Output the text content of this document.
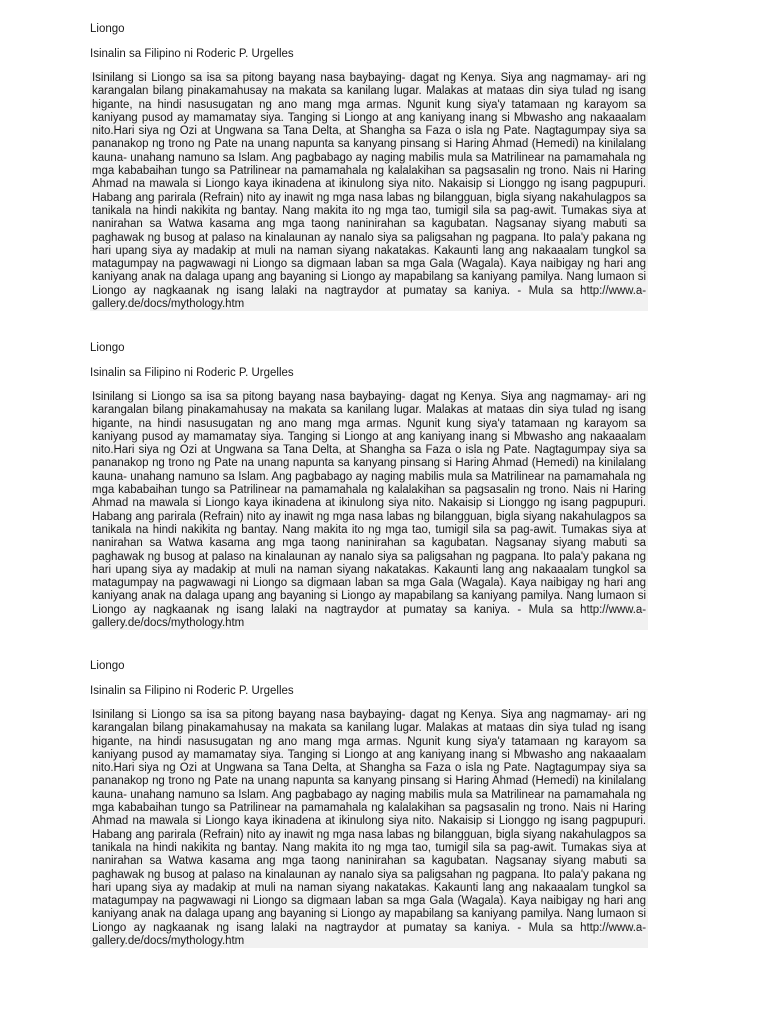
Liongo

Isinalin sa Filipino ni Roderic P. Urgelles

Isinilang si Liongo sa isa sa pitong bayang nasa baybaying- dagat ng Kenya. Siya ang nagmamay- ari ng karangalan bilang pinakamahusay na makata sa kanilang lugar. Malakas at mataas din siya tulad ng isang higante, na hindi nasusugatan ng ano mang mga armas. Ngunit kung siya'y tatamaan ng karayom sa kaniyang pusod ay mamamatay siya. Tanging si Liongo at ang kaniyang inang si Mbwasho ang nakaaalam nito.Hari siya ng Ozi at Ungwana sa Tana Delta, at Shangha sa Faza o isla ng Pate. Nagtagumpay siya sa pananakop ng trono ng Pate na unang napunta sa kanyang pinsang si Haring Ahmad (Hemedi) na kinilalang kauna- unahang namuno sa Islam. Ang pagbabago ay naging mabilis mula sa Matrilinear na pamamahala ng mga kababaihan tungo sa Patrilinear na pamamahala ng kalalakihan sa pagsasalin ng trono. Nais ni Haring Ahmad na mawala si Liongo kaya ikinadena at ikinulong siya nito. Nakaisip si Lionggo ng isang pagpupuri. Habang ang parirala (Refrain) nito ay inawit ng mga nasa labas ng bilangguan, bigla siyang nakahulagpos sa tanikala na hindi nakikita ng bantay. Nang makita ito ng mga tao, tumigil sila sa pag-awit. Tumakas siya at nanirahan sa Watwa kasama ang mga taong naninirahan sa kagubatan. Nagsanay siyang mabuti sa paghawak ng busog at palaso na kinalaunan ay nanalo siya sa paligsahan ng pagpana. Ito pala'y pakana ng hari upang siya ay madakip at muli na naman siyang nakatakas. Kakaunti lang ang nakaaalam tungkol sa matagumpay na pagwawagi ni Liongo sa digmaan laban sa mga Gala (Wagala). Kaya naibigay ng hari ang kaniyang anak na dalaga upang ang bayaning si Liongo ay mapabilang sa kaniyang pamilya. Nang lumaon si Liongo ay nagkaanak ng isang lalaki na nagtraydor at pumatay sa kaniya. - Mula sa http://www.a-gallery.de/docs/mythology.htm

Liongo

Isinalin sa Filipino ni Roderic P. Urgelles

Isinilang si Liongo sa isa sa pitong bayang nasa baybaying- dagat ng Kenya. Siya ang nagmamay- ari ng karangalan bilang pinakamahusay na makata sa kanilang lugar. Malakas at mataas din siya tulad ng isang higante, na hindi nasusugatan ng ano mang mga armas. Ngunit kung siya'y tatamaan ng karayom sa kaniyang pusod ay mamamatay siya. Tanging si Liongo at ang kaniyang inang si Mbwasho ang nakaaalam nito.Hari siya ng Ozi at Ungwana sa Tana Delta, at Shangha sa Faza o isla ng Pate. Nagtagumpay siya sa pananakop ng trono ng Pate na unang napunta sa kanyang pinsang si Haring Ahmad (Hemedi) na kinilalang kauna- unahang namuno sa Islam. Ang pagbabago ay naging mabilis mula sa Matrilinear na pamamahala ng mga kababaihan tungo sa Patrilinear na pamamahala ng kalalakihan sa pagsasalin ng trono. Nais ni Haring Ahmad na mawala si Liongo kaya ikinadena at ikinulong siya nito. Nakaisip si Lionggo ng isang pagpupuri. Habang ang parirala (Refrain) nito ay inawit ng mga nasa labas ng bilangguan, bigla siyang nakahulagpos sa tanikala na hindi nakikita ng bantay. Nang makita ito ng mga tao, tumigil sila sa pag-awit. Tumakas siya at nanirahan sa Watwa kasama ang mga taong naninirahan sa kagubatan. Nagsanay siyang mabuti sa paghawak ng busog at palaso na kinalaunan ay nanalo siya sa paligsahan ng pagpana. Ito pala'y pakana ng hari upang siya ay madakip at muli na naman siyang nakatakas. Kakaunti lang ang nakaaalam tungkol sa matagumpay na pagwawagi ni Liongo sa digmaan laban sa mga Gala (Wagala). Kaya naibigay ng hari ang kaniyang anak na dalaga upang ang bayaning si Liongo ay mapabilang sa kaniyang pamilya. Nang lumaon si Liongo ay nagkaanak ng isang lalaki na nagtraydor at pumatay sa kaniya. - Mula sa http://www.a-gallery.de/docs/mythology.htm

Liongo

Isinalin sa Filipino ni Roderic P. Urgelles

Isinilang si Liongo sa isa sa pitong bayang nasa baybaying- dagat ng Kenya. Siya ang nagmamay- ari ng karangalan bilang pinakamahusay na makata sa kanilang lugar. Malakas at mataas din siya tulad ng isang higante, na hindi nasusugatan ng ano mang mga armas. Ngunit kung siya'y tatamaan ng karayom sa kaniyang pusod ay mamamatay siya. Tanging si Liongo at ang kaniyang inang si Mbwasho ang nakaaalam nito.Hari siya ng Ozi at Ungwana sa Tana Delta, at Shangha sa Faza o isla ng Pate. Nagtagumpay siya sa pananakop ng trono ng Pate na unang napunta sa kanyang pinsang si Haring Ahmad (Hemedi) na kinilalang kauna- unahang namuno sa Islam. Ang pagbabago ay naging mabilis mula sa Matrilinear na pamamahala ng mga kababaihan tungo sa Patrilinear na pamamahala ng kalalakihan sa pagsasalin ng trono. Nais ni Haring Ahmad na mawala si Liongo kaya ikinadena at ikinulong siya nito. Nakaisip si Lionggo ng isang pagpupuri. Habang ang parirala (Refrain) nito ay inawit ng mga nasa labas ng bilangguan, bigla siyang nakahulagpos sa tanikala na hindi nakikita ng bantay. Nang makita ito ng mga tao, tumigil sila sa pag-awit. Tumakas siya at nanirahan sa Watwa kasama ang mga taong naninirahan sa kagubatan. Nagsanay siyang mabuti sa paghawak ng busog at palaso na kinalaunan ay nanalo siya sa paligsahan ng pagpana. Ito pala'y pakana ng hari upang siya ay madakip at muli na naman siyang nakatakas. Kakaunti lang ang nakaaalam tungkol sa matagumpay na pagwawagi ni Liongo sa digmaan laban sa mga Gala (Wagala). Kaya naibigay ng hari ang kaniyang anak na dalaga upang ang bayaning si Liongo ay mapabilang sa kaniyang pamilya. Nang lumaon si Liongo ay nagkaanak ng isang lalaki na nagtraydor at pumatay sa kaniya. - Mula sa http://www.a-gallery.de/docs/mythology.htm
